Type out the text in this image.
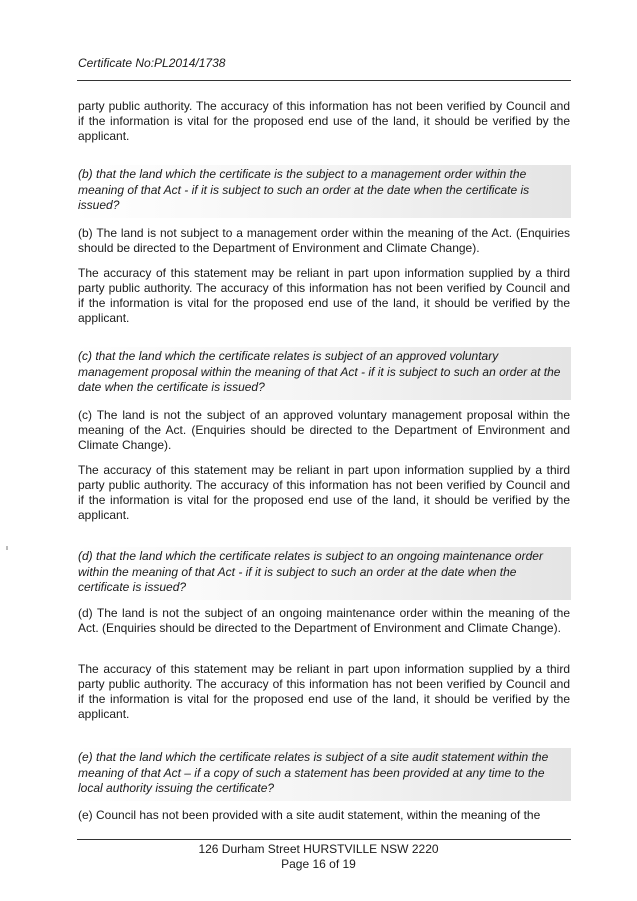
Certificate No:PL2014/1738
party public authority. The accuracy of this information has not been verified by Council and if the information is vital for the proposed end use of the land, it should be verified by the applicant.
(b) that the land which the certificate is the subject to a management order within the meaning of that Act - if it is subject to such an order at the date when the certificate is issued?
(b) The land is not subject to a management order within the meaning of the Act. (Enquiries should be directed to the Department of Environment and Climate Change).
The accuracy of this statement may be reliant in part upon information supplied by a third party public authority. The accuracy of this information has not been verified by Council and if the information is vital for the proposed end use of the land, it should be verified by the applicant.
(c) that the land which the certificate relates is subject of an approved voluntary management proposal within the meaning of that Act - if it is subject to such an order at the date when the certificate is issued?
(c) The land is not the subject of an approved voluntary management proposal within the meaning of the Act. (Enquiries should be directed to the Department of Environment and Climate Change).
The accuracy of this statement may be reliant in part upon information supplied by a third party public authority. The accuracy of this information has not been verified by Council and if the information is vital for the proposed end use of the land, it should be verified by the applicant.
(d) that the land which the certificate relates is subject to an ongoing maintenance order within the meaning of that Act - if it is subject to such an order at the date when the certificate is issued?
(d) The land is not the subject of an ongoing maintenance order within the meaning of the Act. (Enquiries should be directed to the Department of Environment and Climate Change).
The accuracy of this statement may be reliant in part upon information supplied by a third party public authority. The accuracy of this information has not been verified by Council and if the information is vital for the proposed end use of the land, it should be verified by the applicant.
(e) that the land which the certificate relates is subject of a site audit statement within the meaning of that Act – if a copy of such a statement has been provided at any time to the local authority issuing the certificate?
(e) Council has not been provided with a site audit statement, within the meaning of the
126 Durham Street HURSTVILLE NSW 2220
Page 16 of 19
